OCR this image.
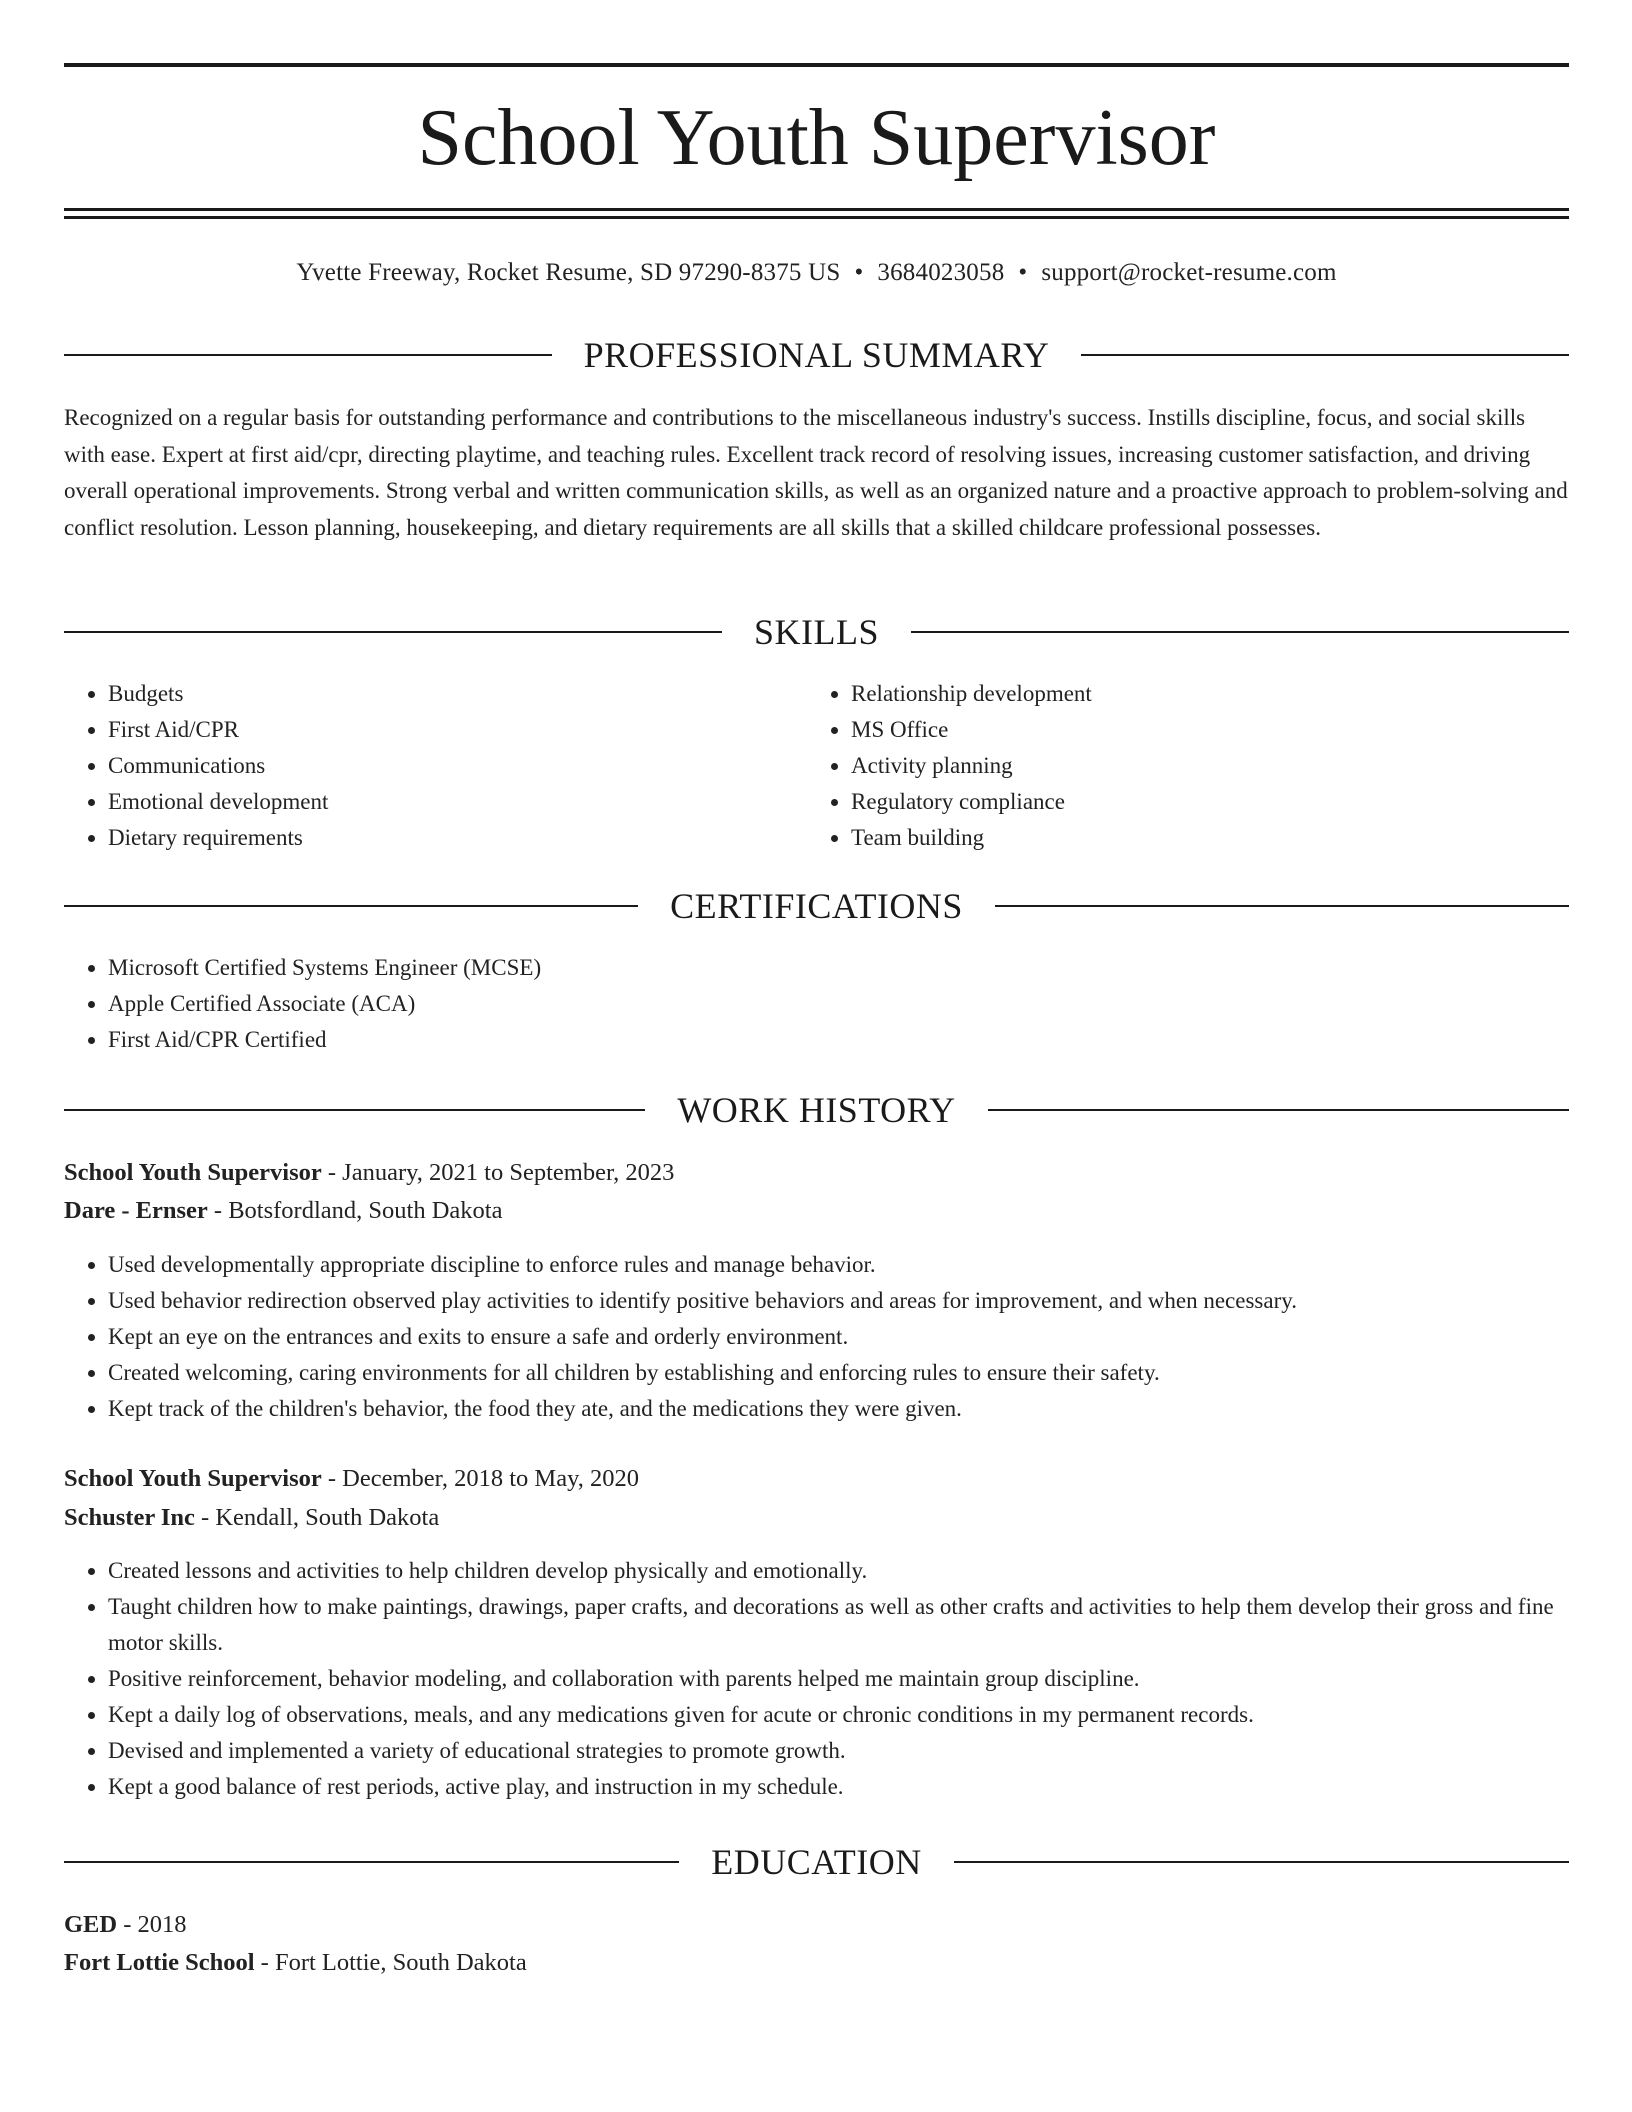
School Youth Supervisor
Yvette Freeway, Rocket Resume, SD 97290-8375 US • 3684023058 • support@rocket-resume.com
PROFESSIONAL SUMMARY

Recognized on a regular basis for outstanding performance and contributions to the miscellaneous industry's success. Instills discipline, focus, and social skills with ease. Expert at first aid/cpr, directing playtime, and teaching rules. Excellent track record of resolving issues, increasing customer satisfaction, and driving overall operational improvements. Strong verbal and written communication skills, as well as an organized nature and a proactive approach to problem-solving and conflict resolution. Lesson planning, housekeeping, and dietary requirements are all skills that a skilled childcare professional possesses.

SKILLS
• Budgets
• First Aid/CPR
• Communications
• Emotional development
• Dietary requirements
• Relationship development
• MS Office
• Activity planning
• Regulatory compliance
• Team building
CERTIFICATIONS
• Microsoft Certified Systems Engineer (MCSE)
• Apple Certified Associate (ACA)
• First Aid/CPR Certified
WORK HISTORY
School Youth Supervisor - January, 2021 to September, 2023
Dare - Ernser - Botsfordland, South Dakota
• Used developmentally appropriate discipline to enforce rules and manage behavior.
• Used behavior redirection observed play activities to identify positive behaviors and areas for improvement, and when necessary.
• Kept an eye on the entrances and exits to ensure a safe and orderly environment.
• Created welcoming, caring environments for all children by establishing and enforcing rules to ensure their safety.
• Kept track of the children's behavior, the food they ate, and the medications they were given.
School Youth Supervisor - December, 2018 to May, 2020
Schuster Inc - Kendall, South Dakota
• Created lessons and activities to help children develop physically and emotionally.
• Taught children how to make paintings, drawings, paper crafts, and decorations as well as other crafts and activities to help them develop their gross and fine motor skills.
• Positive reinforcement, behavior modeling, and collaboration with parents helped me maintain group discipline.
• Kept a daily log of observations, meals, and any medications given for acute or chronic conditions in my permanent records.
• Devised and implemented a variety of educational strategies to promote growth.
• Kept a good balance of rest periods, active play, and instruction in my schedule.
EDUCATION
GED - 2018
Fort Lottie School - Fort Lottie, South Dakota
